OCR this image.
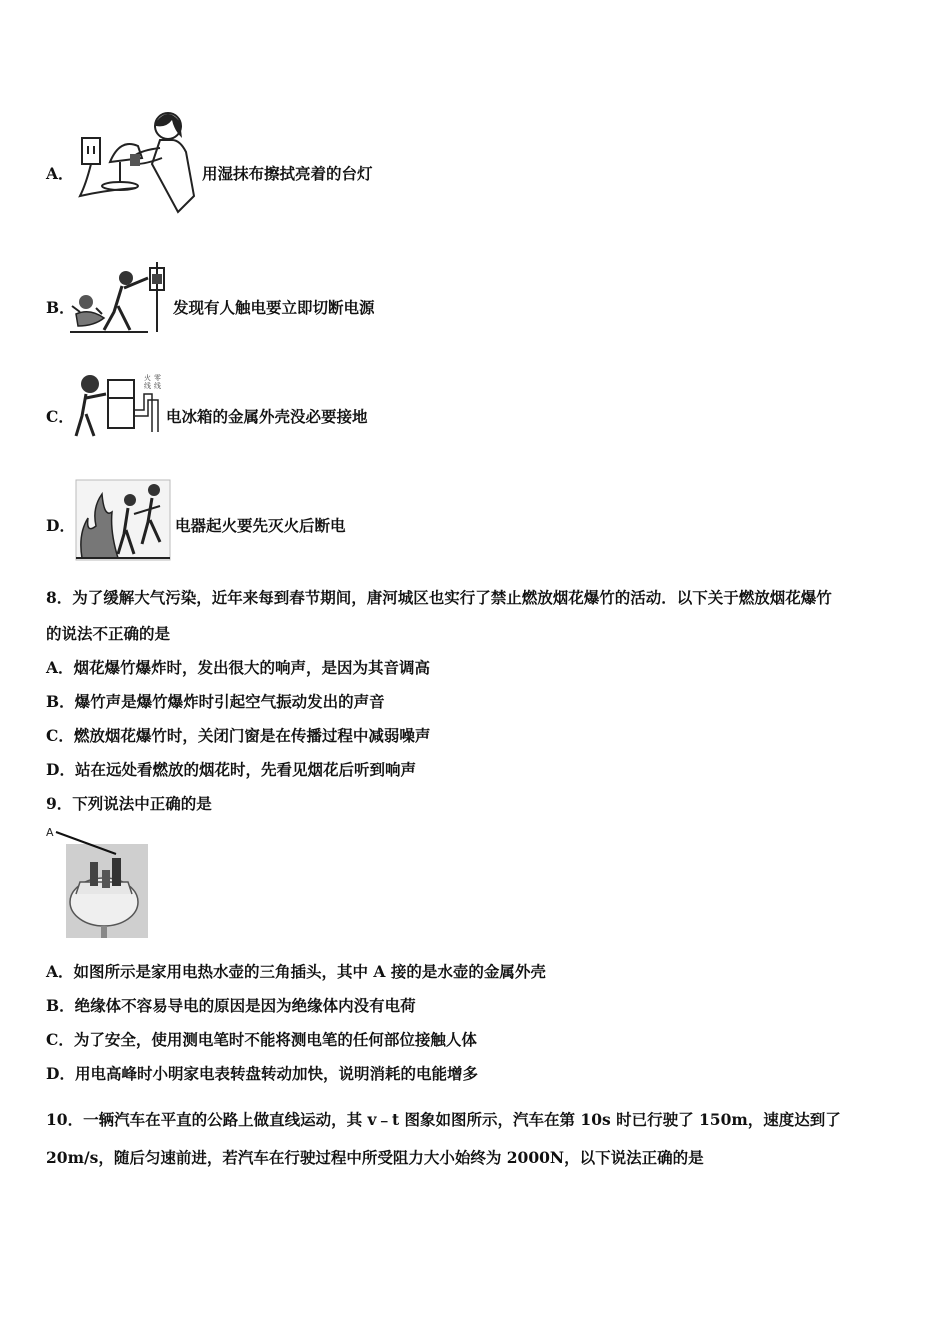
A．	用湿抹布擦拭亮着的台灯
B．	发现有人触电要立即切断电源
C．
火 零
线 线
电冰箱的金属外壳没必要接地
D．	电器起火要先灭火后断电
8．为了缓解大气污染，近年来每到春节期间，唐河城区也实行了禁止燃放烟花爆竹的活动．以下关于燃放烟花爆竹
的说法不正确的是
A．烟花爆竹爆炸时，发出很大的响声，是因为其音调高
B．爆竹声是爆竹爆炸时引起空气振动发出的声音
C．燃放烟花爆竹时，关闭门窗是在传播过程中减弱噪声
D．站在远处看燃放的烟花时，先看见烟花后听到响声
9．下列说法中正确的是
A
A．如图所示是家用电热水壶的三角插头，其中 A 接的是水壶的金属外壳
B．绝缘体不容易导电的原因是因为绝缘体内没有电荷
C．为了安全，使用测电笔时不能将测电笔的任何部位接触人体
D．用电高峰时小明家电表转盘转动加快，说明消耗的电能增多
10．一辆汽车在平直的公路上做直线运动，其 v﹣t 图象如图所示，汽车在第 10s 时已行驶了 150m，速度达到了
20m/s，随后匀速前进，若汽车在行驶过程中所受阻力大小始终为 2000N，以下说法正确的是
